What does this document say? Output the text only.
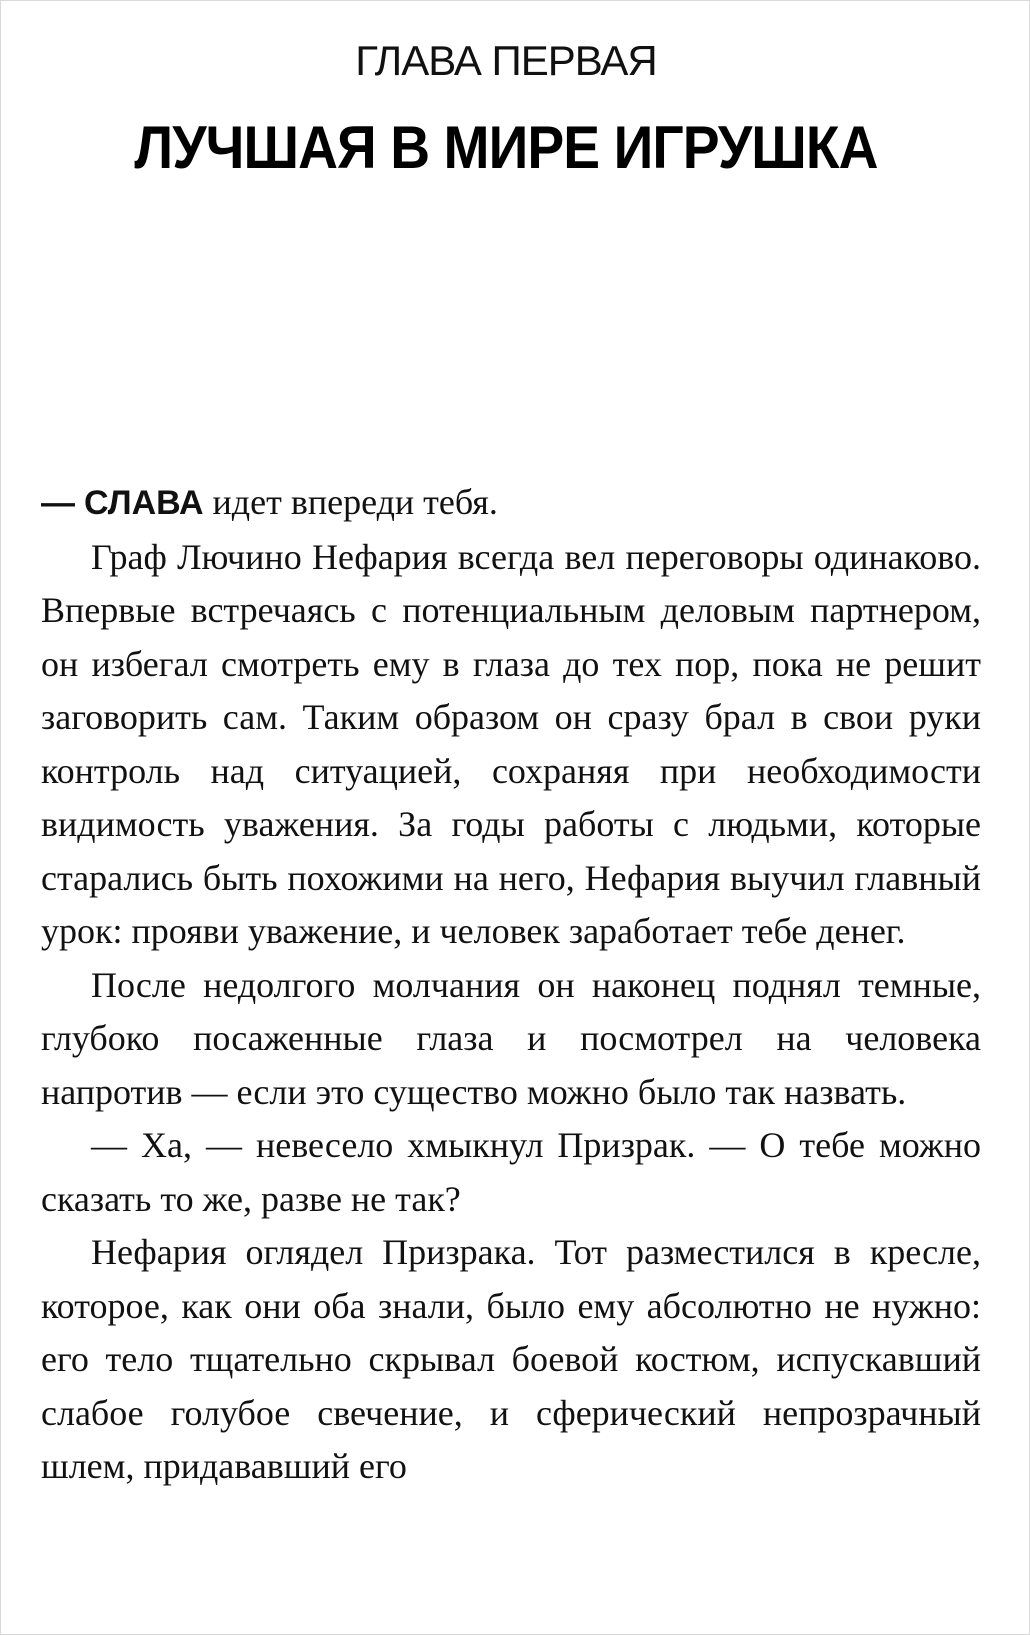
ГЛАВА ПЕРВАЯ
ЛУЧШАЯ В МИРЕ ИГРУШКА

— СЛАВА идет впереди тебя.

Граф Лючино Нефария всегда вел переговоры одинаково. Впервые встречаясь с потенциальным деловым партнером, он избегал смотреть ему в глаза до тех пор, пока не решит заговорить сам. Таким образом он сразу брал в свои руки контроль над ситуацией, сохраняя при необходимости видимость уважения. За годы работы с людьми, которые старались быть похожими на него, Нефария выучил главный урок: прояви уважение, и человек заработает тебе денег.

После недолгого молчания он наконец поднял темные, глубоко посаженные глаза и посмотрел на человека напротив — если это существо можно было так назвать.

— Ха, — невесело хмыкнул Призрак. — О тебе можно сказать то же, разве не так?

Нефария оглядел Призрака. Тот разместился в кресле, которое, как они оба знали, было ему абсолютно не нужно: его тело тщательно скрывал боевой костюм, испускавший слабое голубое свечение, и сферический непрозрачный шлем, придававший его
